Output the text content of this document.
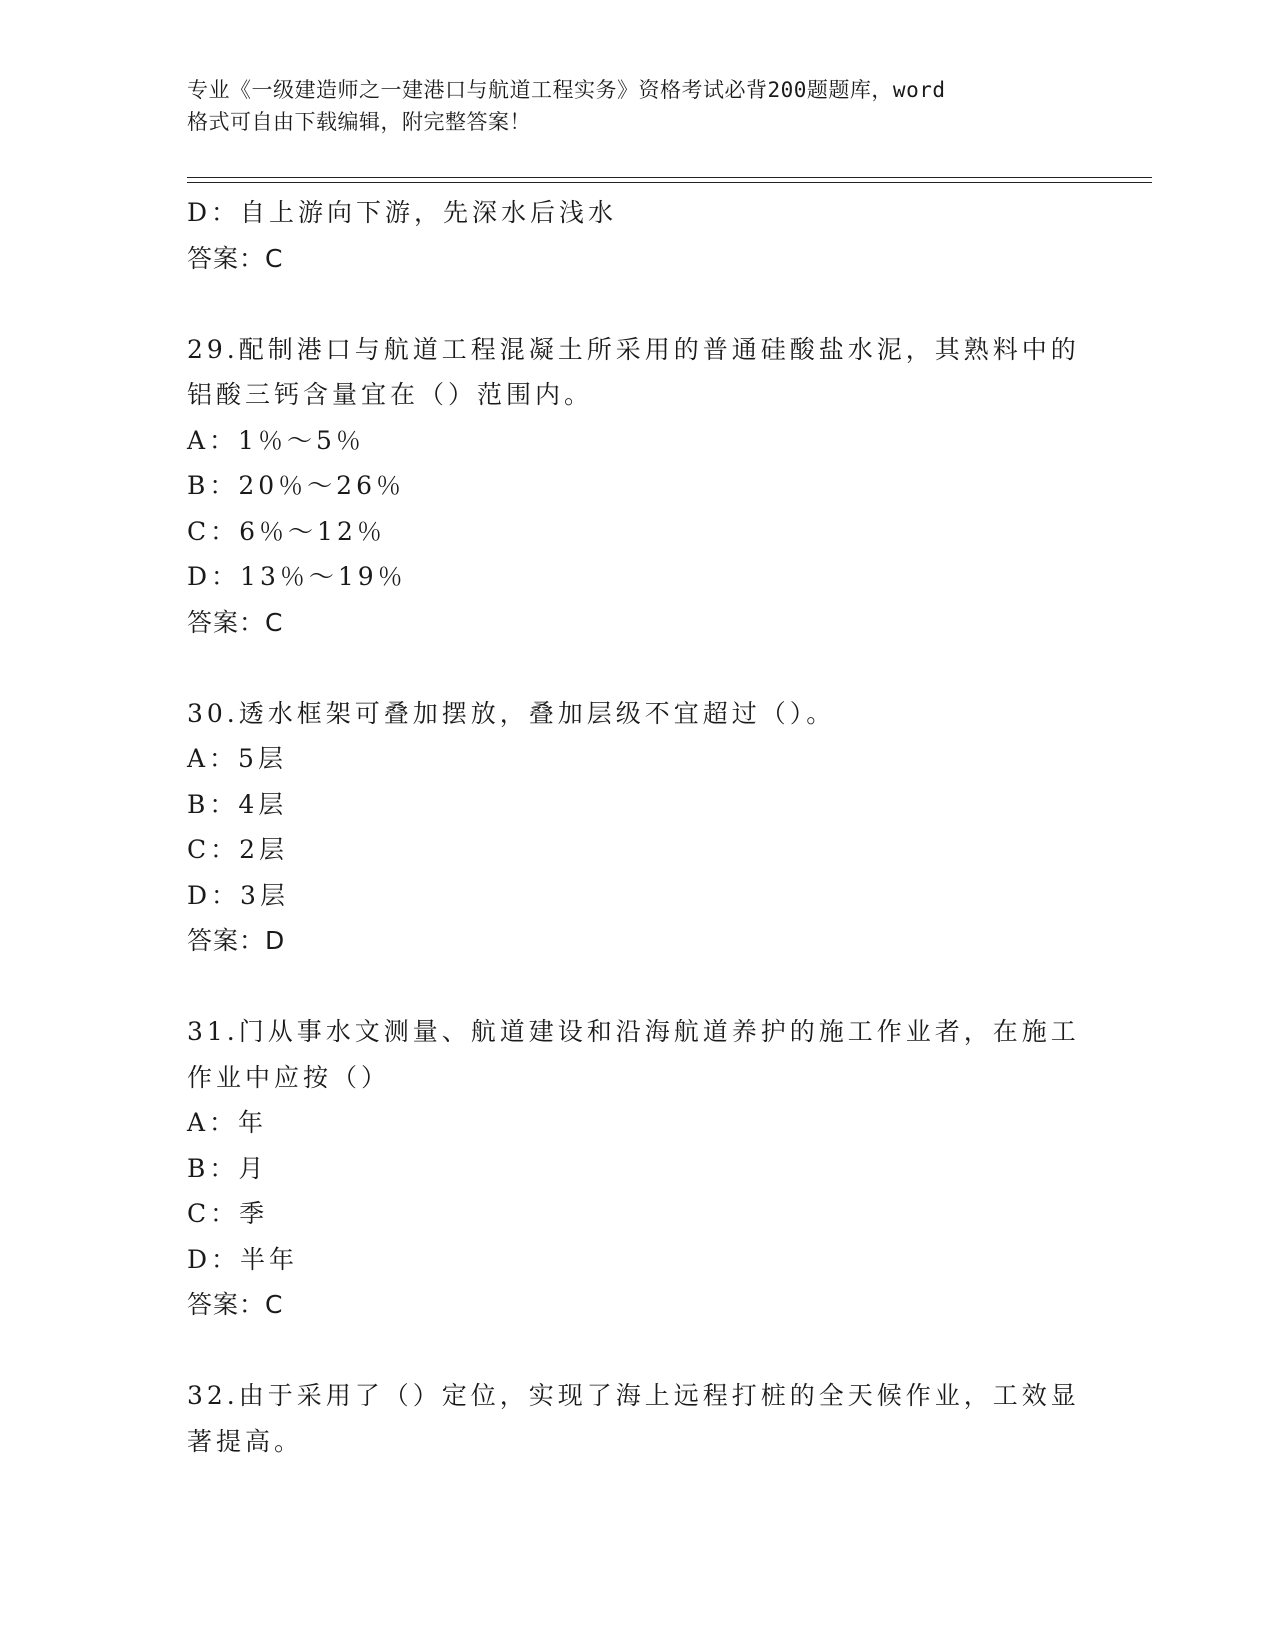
专业《一级建造师之一建港口与航道工程实务》资格考试必背200题题库，word
格式可自由下载编辑，附完整答案！
D：自上游向下游，先深水后浅水
答案：C
29.配制港口与航道工程混凝土所采用的普通硅酸盐水泥，其熟料中的
铝酸三钙含量宜在（）范围内。
A：1％～5％
B：20％～26％
C：6％～12％
D：13％～19％
答案：C
30.透水框架可叠加摆放，叠加层级不宜超过（）。
A：5层
B：4层
C：2层
D：3层
答案：D
31.门从事水文测量、航道建设和沿海航道养护的施工作业者，在施工
作业中应按（）
A：年
B：月
C：季
D：半年
答案：C
32.由于采用了（）定位，实现了海上远程打桩的全天候作业，工效显
著提高。
